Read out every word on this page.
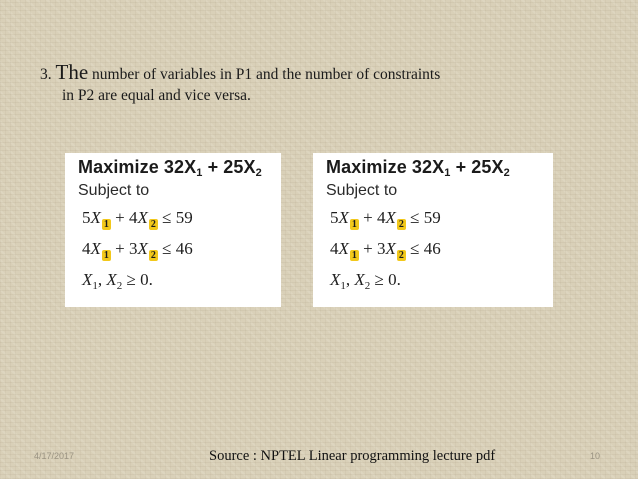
3. The number of variables in P1 and the number of constraints
in P2 are equal and vice versa.
Maximize $32X_1 + 25X_2$
Subject to
5X 1 + 4X 2 ≤ 59
4X 1 + 3X 2 ≤ 46
$X_1$, $X_2 \ge 0$.
Maximize $32X_1 + 25X_2$
Subject to
5X 1 + 4X 2 ≤ 59
4X 1 + 3X 2 ≤ 46
$X_1$, $X_2 \ge 0$.
4/17/2017	Source : NPTEL Linear programming lecture pdf	10
